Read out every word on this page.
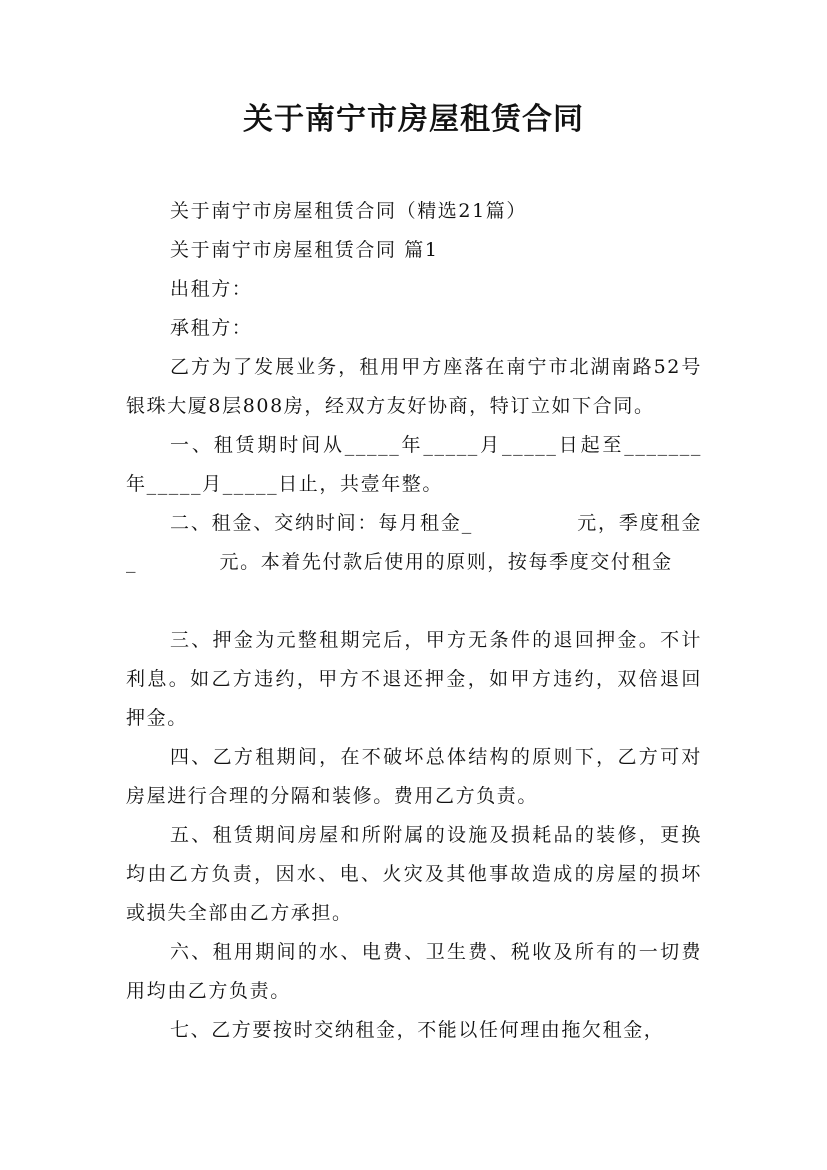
关于南宁市房屋租赁合同

关于南宁市房屋租赁合同（精选21篇）

关于南宁市房屋租赁合同 篇1

出租方：

承租方：

乙方为了发展业务，租用甲方座落在南宁市北湖南路52号银珠大厦8层808房，经双方友好协商，特订立如下合同。

一、租赁期时间从_____年_____月_____日起至_______年_____月_____日止，共壹年整。

二、租金、交纳时间：每月租金_　　　　　元，季度租金_　　　　元。本着先付款后使用的原则，按每季度交付租金

三、押金为元整租期完后，甲方无条件的退回押金。不计利息。如乙方违约，甲方不退还押金，如甲方违约，双倍退回押金。

四、乙方租期间，在不破坏总体结构的原则下，乙方可对房屋进行合理的分隔和装修。费用乙方负责。

五、租赁期间房屋和所附属的设施及损耗品的装修，更换均由乙方负责，因水、电、火灾及其他事故造成的房屋的损坏或损失全部由乙方承担。

六、租用期间的水、电费、卫生费、税收及所有的一切费用均由乙方负责。

七、乙方要按时交纳租金，不能以任何理由拖欠租金，
